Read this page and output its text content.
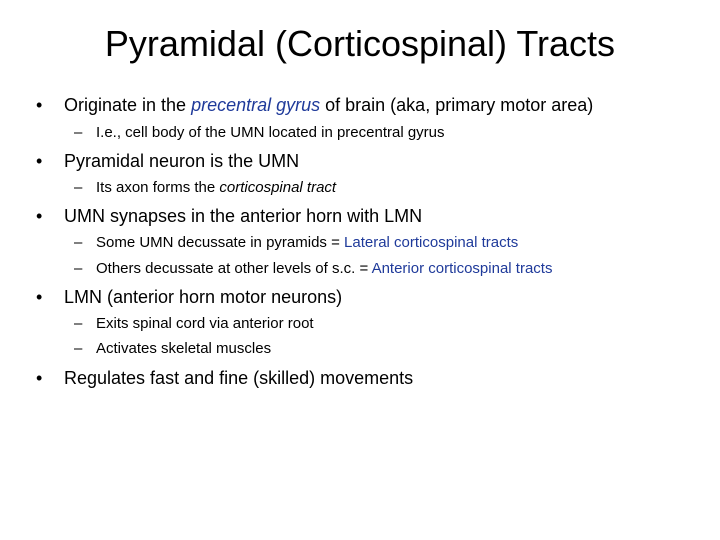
Pyramidal (Corticospinal) Tracts
• Originate in the precentral gyrus of brain (aka, primary motor area)
– I.e., cell body of the UMN located in precentral gyrus
• Pyramidal neuron is the UMN
– Its axon forms the corticospinal tract
• UMN synapses in the anterior horn with LMN
– Some UMN decussate in pyramids = Lateral corticospinal tracts
– Others decussate at other levels of s.c. = Anterior corticospinal tracts
• LMN (anterior horn motor neurons)
– Exits spinal cord via anterior root
– Activates skeletal muscles
• Regulates fast and fine (skilled) movements
